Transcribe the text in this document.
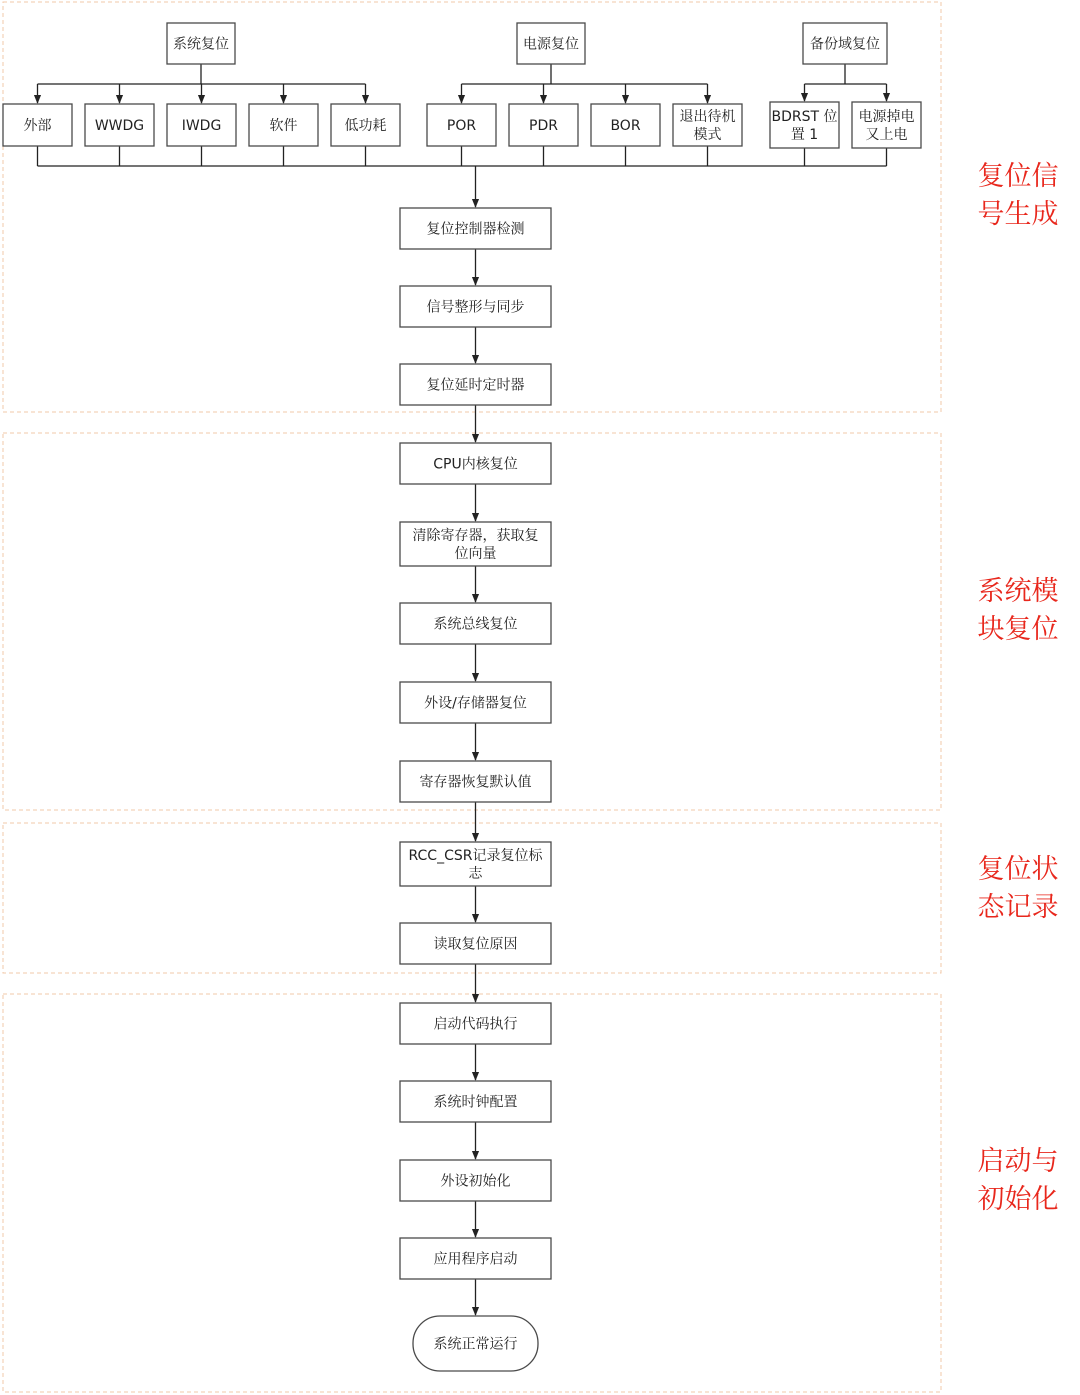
复位信号生成
系统模块复位
复位状态记录
启动与初始化
系统复位	电源复位	备份域复位
外部	WWDG	IWDG	软件	低功耗	POR	PDR	BOR
退出待机模式
BDRST 位置 1
电源掉电又上电
复位控制器检测
信号整形与同步
复位延时定时器
CPU内核复位
清除寄存器，获取复位向量
系统总线复位
外设/存储器复位
寄存器恢复默认值
RCC_CSR记录复位标志
读取复位原因
启动代码执行
系统时钟配置
外设初始化
应用程序启动
系统正常运行
